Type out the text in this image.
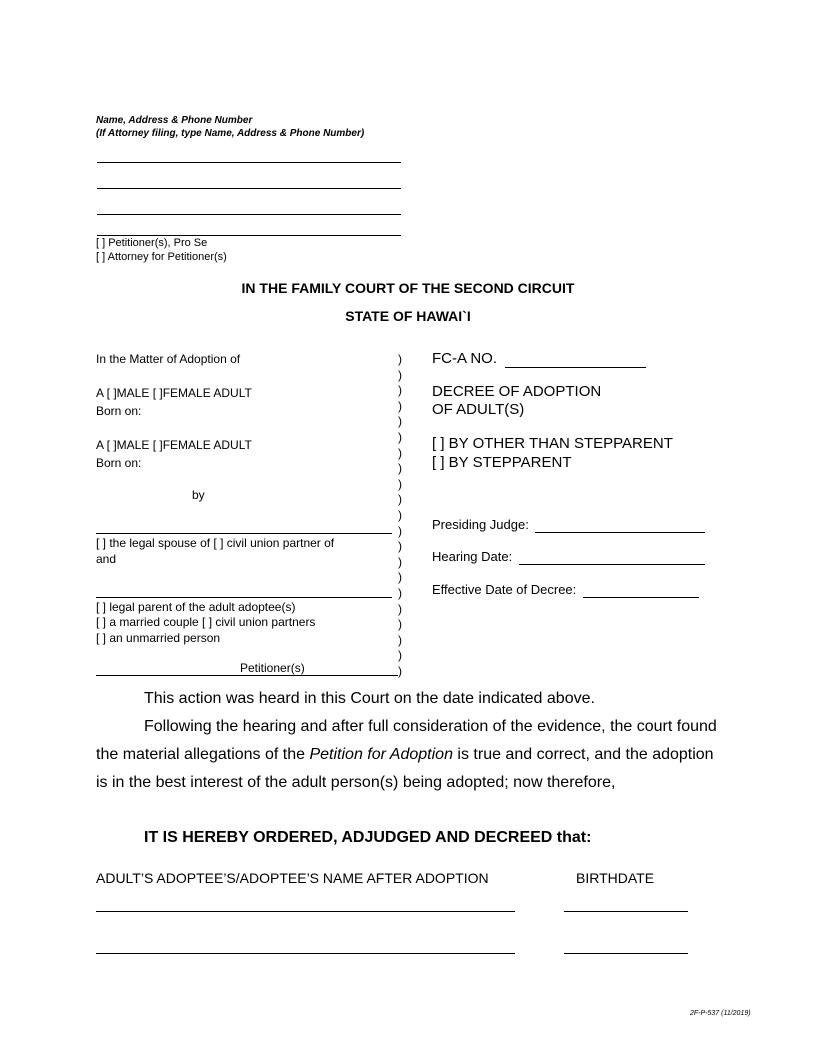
Name, Address & Phone Number
(If Attorney filing, type Name, Address & Phone Number)
[ ] Petitioner(s), Pro Se
[ ] Attorney for Petitioner(s)
IN THE FAMILY COURT OF THE SECOND CIRCUIT
STATE OF HAWAI`I
In the Matter of Adoption of
A [ ]MALE [ ]FEMALE ADULT
Born on:
A [ ]MALE [ ]FEMALE ADULT
Born on:
by
[ ] the legal spouse of [ ] civil union partner of
and
[ ] legal parent of the adult adoptee(s)
[ ] a married couple [ ] civil union partners
[ ] an unmarried person
Petitioner(s)
)
)
)
)
)
)
)
)
)
)
)
)
)
)
)
)
)
)
)
)
)
FC-A NO.
DECREE OF ADOPTION
OF ADULT(S)
[ ] BY OTHER THAN STEPPARENT
[ ] BY STEPPARENT
Presiding Judge:
Hearing Date:
Effective Date of Decree:
This action was heard in this Court on the date indicated above.
Following the hearing and after full consideration of the evidence, the court found
the material allegations of the Petition for Adoption is true and correct, and the adoption
is in the best interest of the adult person(s) being adopted; now therefore,
IT IS HEREBY ORDERED, ADJUDGED AND DECREED that:
ADULT’S ADOPTEE’S/ADOPTEE’S NAME AFTER ADOPTION	BIRTHDATE
2F-P-537 (11/2019)
